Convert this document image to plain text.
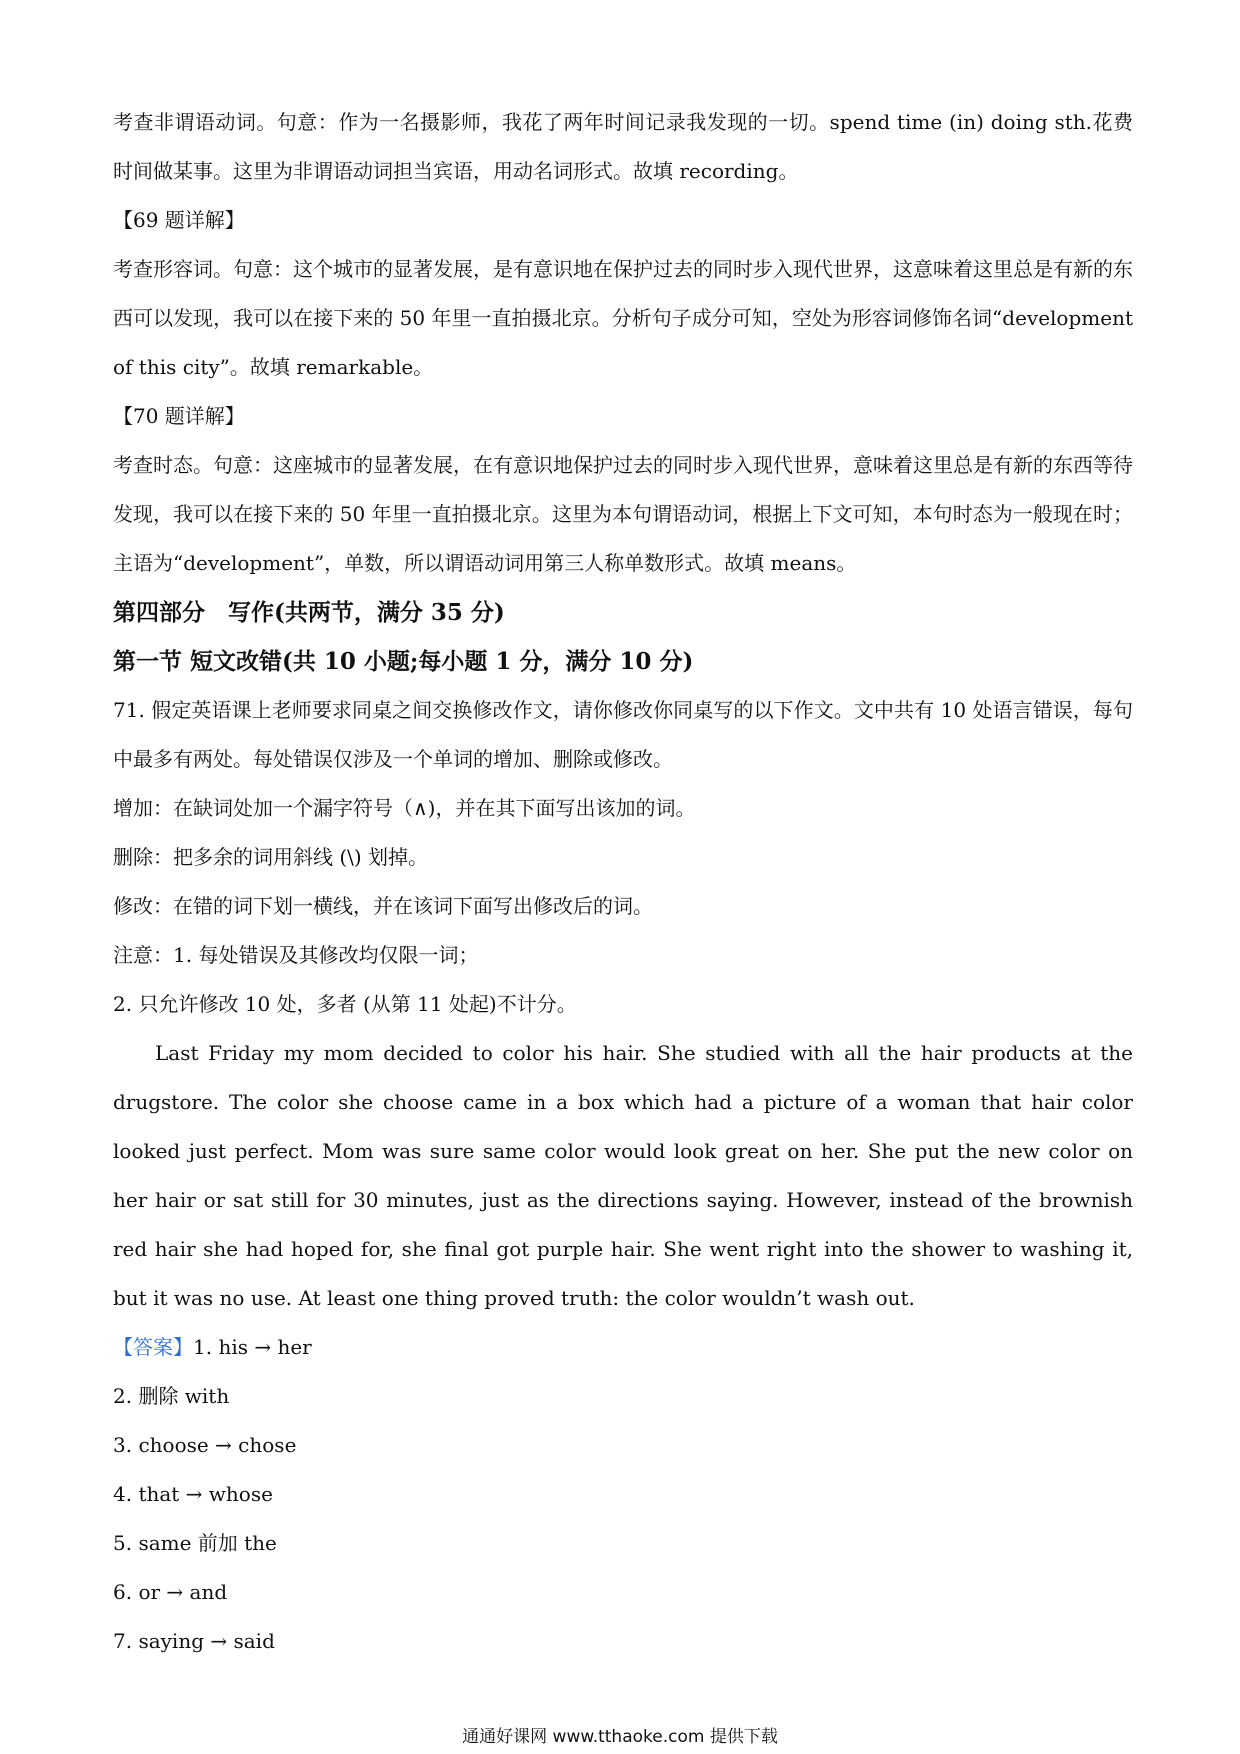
考查非谓语动词。句意：作为一名摄影师，我花了两年时间记录我发现的一切。spend time (in) doing sth.花费时间做某事。这里为非谓语动词担当宾语，用动名词形式。故填 recording。

【69 题详解】

考查形容词。句意：这个城市的显著发展，是有意识地在保护过去的同时步入现代世界，这意味着这里总是有新的东西可以发现，我可以在接下来的 50 年里一直拍摄北京。分析句子成分可知，空处为形容词修饰名词“development of this city”。故填 remarkable。

【70 题详解】

考查时态。句意：这座城市的显著发展，在有意识地保护过去的同时步入现代世界，意味着这里总是有新的东西等待发现，我可以在接下来的 50 年里一直拍摄北京。这里为本句谓语动词，根据上下文可知，本句时态为一般现在时；主语为“development”，单数，所以谓语动词用第三人称单数形式。故填 means。

第四部分　写作(共两节，满分 35 分)

第一节 短文改错(共 10 小题;每小题 1 分，满分 10 分)

71. 假定英语课上老师要求同桌之间交换修改作文，请你修改你同桌写的以下作文。文中共有 10 处语言错误，每句中最多有两处。每处错误仅涉及一个单词的增加、删除或修改。

增加：在缺词处加一个漏字符号（∧)，并在其下面写出该加的词。

删除：把多余的词用斜线 (\) 划掉。

修改：在错的词下划一横线，并在该词下面写出修改后的词。

注意：1. 每处错误及其修改均仅限一词；

2. 只允许修改 10 处，多者 (从第 11 处起)不计分。

Last Friday my mom decided to color his hair. She studied with all the hair products at the drugstore. The color she choose came in a box which had a picture of a woman that hair color looked just perfect. Mom was sure same color would look great on her. She put the new color on her hair or sat still for 30 minutes, just as the directions saying. However, instead of the brownish red hair she had hoped for, she final got purple hair. She went right into the shower to washing it, but it was no use. At least one thing proved truth: the color wouldn’t wash out.

【答案】1. his → her

2. 删除 with

3. choose → chose

4. that → whose

5. same 前加 the

6. or → and

7. saying → said

通通好课网 www.tthaoke.com 提供下载
